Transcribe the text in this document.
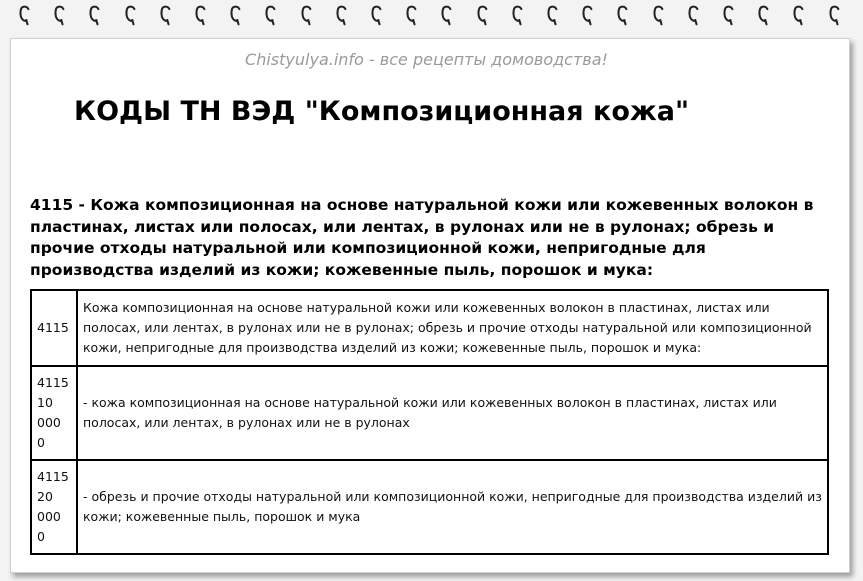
Chistyulya.info - все рецепты домоводства!
КОДЫ ТН ВЭД "Композиционная кожа"
4115 - Кожа композиционная на основе натуральной кожи или кожевенных волокон в пластинах, листах или полосах, или лентах, в рулонах или не в рулонах; обрезь и прочие отходы натуральной или композиционной кожи, непригодные для производства изделий из кожи; кожевенные пыль, порошок и мука:
4115	Кожа композиционная на основе натуральной кожи или кожевенных волокон в пластинах, листах или полосах, или лентах, в рулонах или не в рулонах; обрезь и прочие отходы натуральной или композиционной кожи, непригодные для производства изделий из кожи; кожевенные пыль, порошок и мука:

4115
10
000
0	- кожа композиционная на основе натуральной кожи или кожевенных волокон в пластинах, листах или полосах, или лентах, в рулонах или не в рулонах

4115
20
000
0	- обрезь и прочие отходы натуральной или композиционной кожи, непригодные для производства изделий из кожи; кожевенные пыль, порошок и мука
